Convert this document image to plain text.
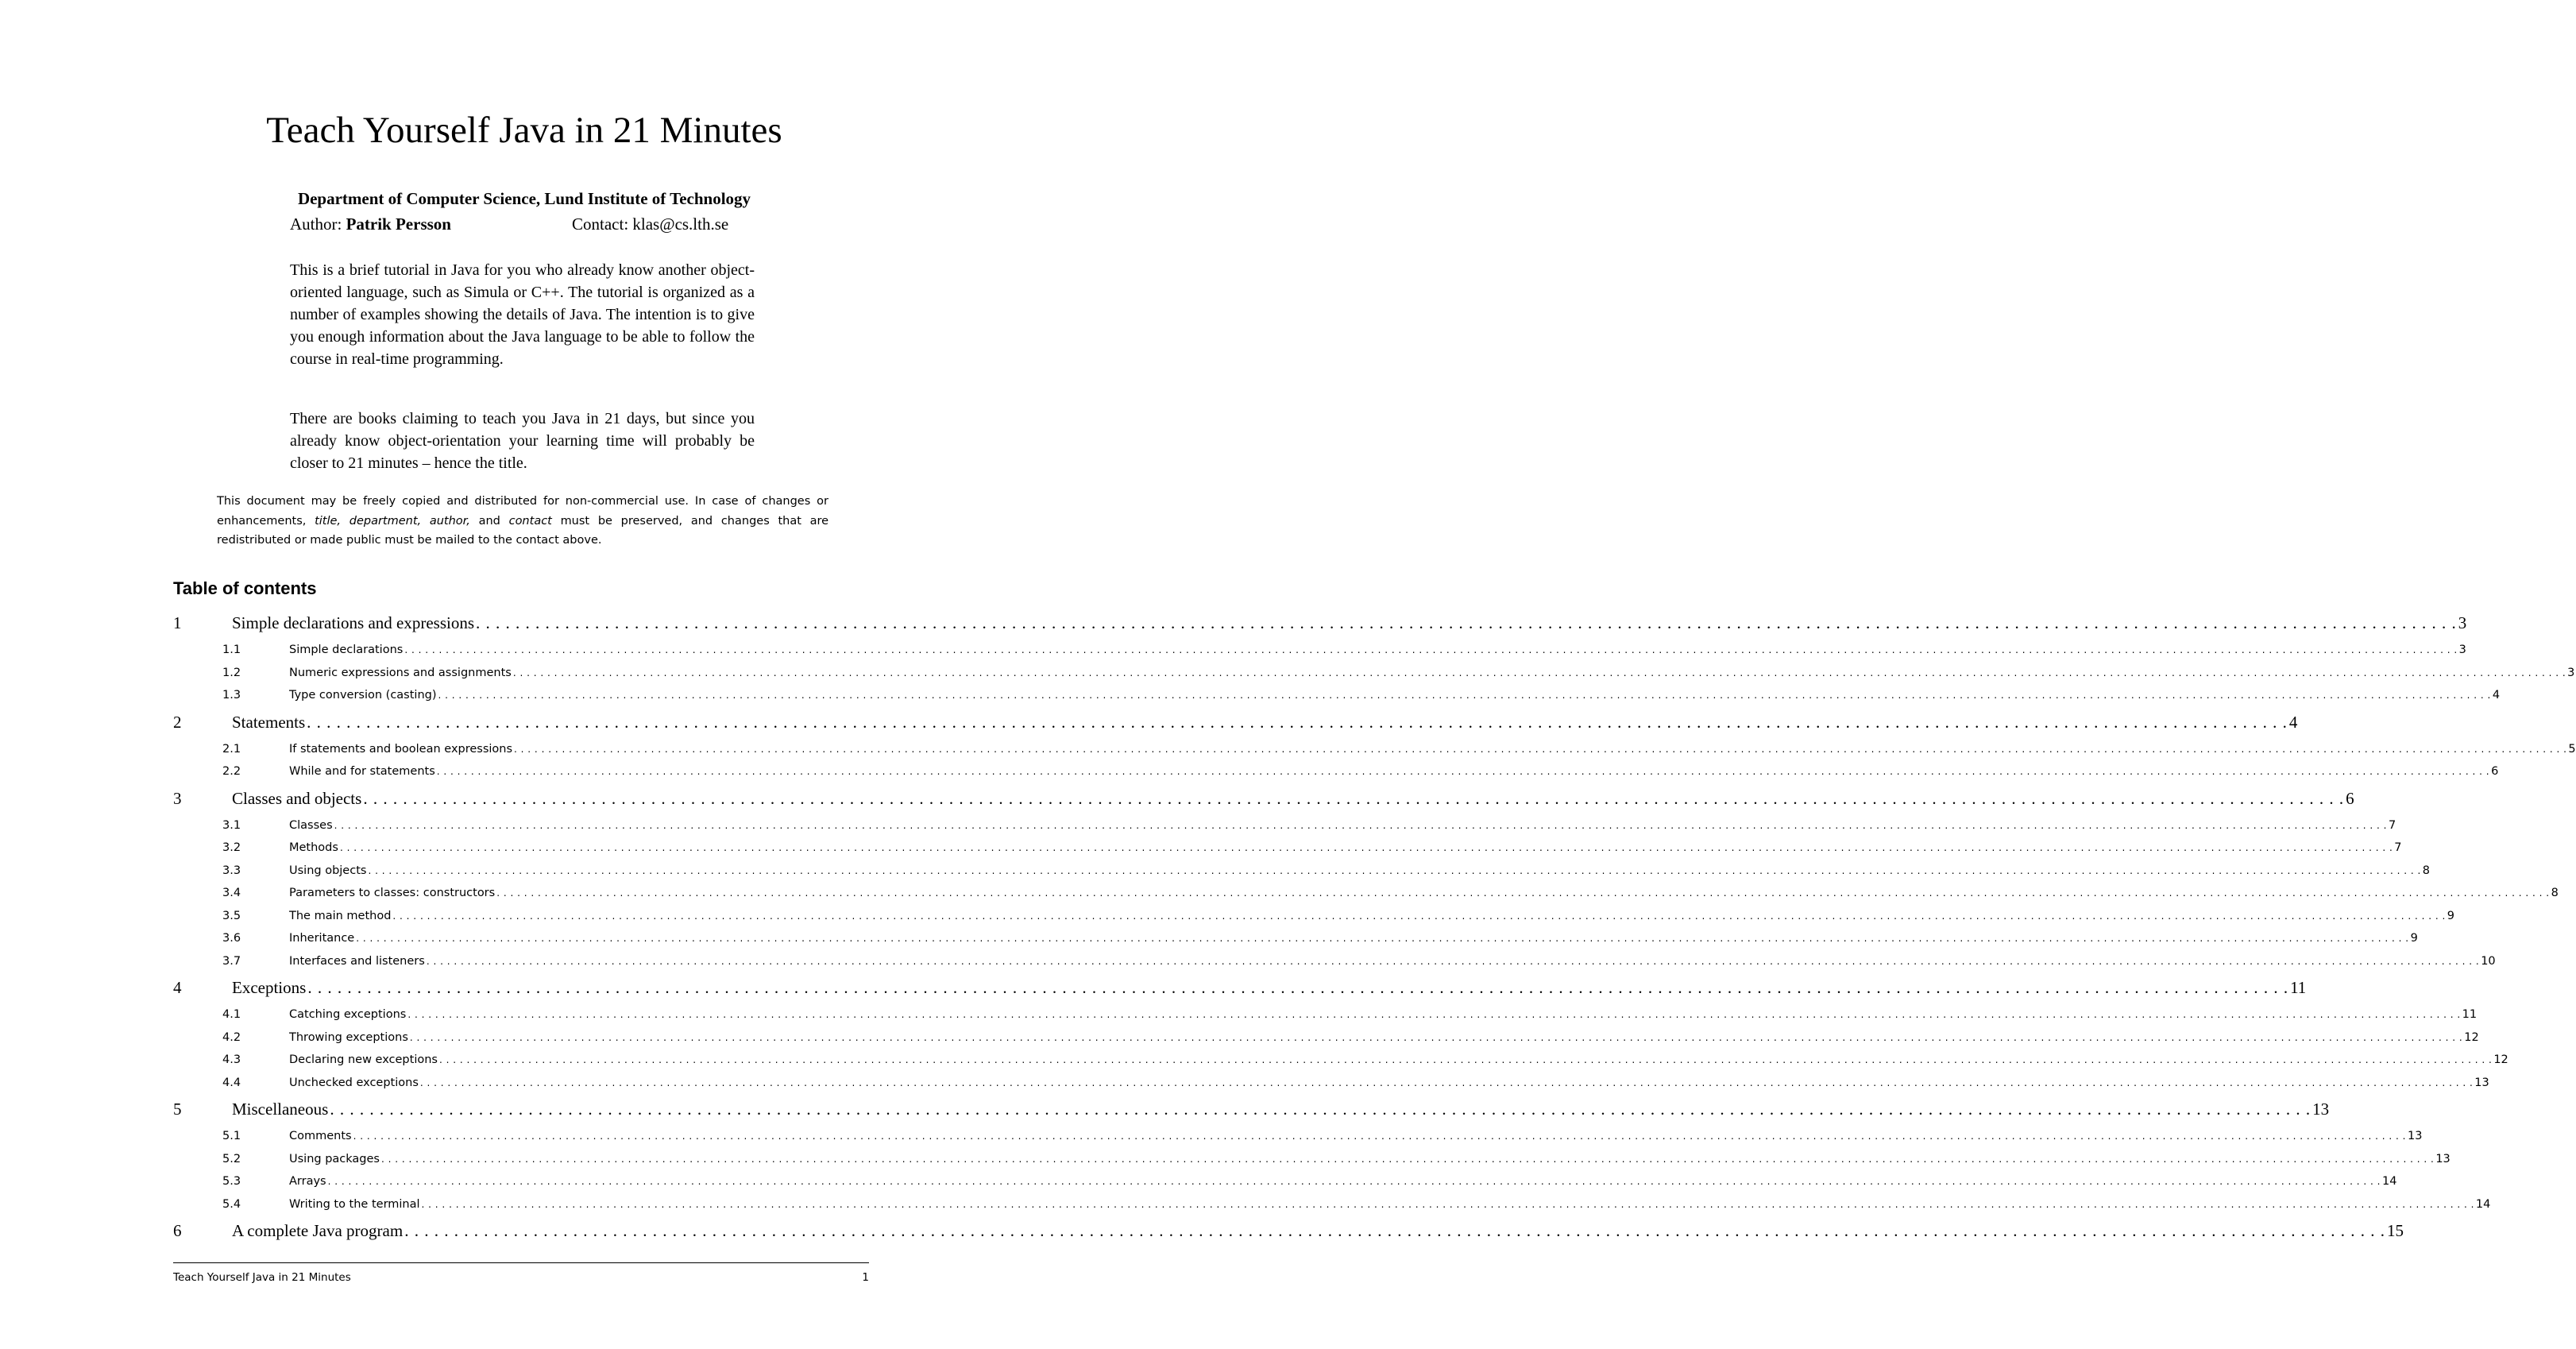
Teach Yourself Java in 21 Minutes
Department of Computer Science, Lund Institute of Technology
Author: Patrik Persson	Contact: klas@cs.lth.se

This is a brief tutorial in Java for you who already know another object-oriented language, such as Simula or C++. The tutorial is organized as a number of examples showing the details of Java. The intention is to give you enough information about the Java language to be able to follow the course in real-time programming.

There are books claiming to teach you Java in 21 days, but since you already know object-orientation your learning time will probably be closer to 21 minutes – hence the title.

This document may be freely copied and distributed for non-commercial use. In case of changes or enhancements, title, department, author, and contact must be preserved, and changes that are redistributed or made public must be mailed to the contact above.

Table of contents
1	Simple declarations and expressions . . . . . . . . . . . . . . . . . . . . . . . . . . . . . . . . . . . . . . . . . . . . . . . . . . . . . . . . . . . . . . . . . . . . . . . . . . . . . . . . . . . . . . . . . . . . . . . . . . . . . . . . . . . . . . . . . . . . . . . . . . . . . . . . . . . . . . . . . . . . . . . . . . . . . . . . . . . . . . . . . . . . . . . . . . . . . . . . . . . . . . . . . . . . . . . . . . . . . . . . 3
1.1	Simple declarations . . . . . . . . . . . . . . . . . . . . . . . . . . . . . . . . . . . . . . . . . . . . . . . . . . . . . . . . . . . . . . . . . . . . . . . . . . . . . . . . . . . . . . . . . . . . . . . . . . . . . . . . . . . . . . . . . . . . . . . . . . . . . . . . . . . . . . . . . . . . . . . . . . . . . . . . . . . . . . . . . . . . . . . . . . . . . . . . . . . . . . . . . . . . . . . . . . . . . . . . . . . . . . . . . . . . . . . . . . . . . . . . . . . . . . . . . . . . . . . . . . . . . . . . . . . . . . . . . . . . . . . . . . . . . . . . . . . . . . . . . . . . . . . . . . . . . . . . . . . . 3
1.2	Numeric expressions and assignments . . . . . . . . . . . . . . . . . . . . . . . . . . . . . . . . . . . . . . . . . . . . . . . . . . . . . . . . . . . . . . . . . . . . . . . . . . . . . . . . . . . . . . . . . . . . . . . . . . . . . . . . . . . . . . . . . . . . . . . . . . . . . . . . . . . . . . . . . . . . . . . . . . . . . . . . . . . . . . . . . . . . . . . . . . . . . . . . . . . . . . . . . . . . . . . . . . . . . . . . . . . . . . . . . . . . . . . . . . . . . . . . . . . . . . . . . . . . . . . . . . . . . . . . . . . . . . . . . . . . . . . . . . . . . . . . . . . . . . . . . . . . . . . . . . . . . . . . . . . . 3
1.3	Type conversion (casting) . . . . . . . . . . . . . . . . . . . . . . . . . . . . . . . . . . . . . . . . . . . . . . . . . . . . . . . . . . . . . . . . . . . . . . . . . . . . . . . . . . . . . . . . . . . . . . . . . . . . . . . . . . . . . . . . . . . . . . . . . . . . . . . . . . . . . . . . . . . . . . . . . . . . . . . . . . . . . . . . . . . . . . . . . . . . . . . . . . . . . . . . . . . . . . . . . . . . . . . . . . . . . . . . . . . . . . . . . . . . . . . . . . . . . . . . . . . . . . . . . . . . . . . . . . . . . . . . . . . . . . . . . . . . . . . . . . . . . . . . . . . . . . . . . . . . . . . . . . . . 4
2	Statements . . . . . . . . . . . . . . . . . . . . . . . . . . . . . . . . . . . . . . . . . . . . . . . . . . . . . . . . . . . . . . . . . . . . . . . . . . . . . . . . . . . . . . . . . . . . . . . . . . . . . . . . . . . . . . . . . . . . . . . . . . . . . . . . . . . . . . . . . . . . . . . . . . . . . . . . . . . . . . . . . . . . . . . . . . . . . . . . . . . . . . . . . . . . . . . . . . . . . . . . 4
2.1	If statements and boolean expressions . . . . . . . . . . . . . . . . . . . . . . . . . . . . . . . . . . . . . . . . . . . . . . . . . . . . . . . . . . . . . . . . . . . . . . . . . . . . . . . . . . . . . . . . . . . . . . . . . . . . . . . . . . . . . . . . . . . . . . . . . . . . . . . . . . . . . . . . . . . . . . . . . . . . . . . . . . . . . . . . . . . . . . . . . . . . . . . . . . . . . . . . . . . . . . . . . . . . . . . . . . . . . . . . . . . . . . . . . . . . . . . . . . . . . . . . . . . . . . . . . . . . . . . . . . . . . . . . . . . . . . . . . . . . . . . . . . . . . . . . . . . . . . . . . . . . . . . . . . . . 5
2.2	While and for statements . . . . . . . . . . . . . . . . . . . . . . . . . . . . . . . . . . . . . . . . . . . . . . . . . . . . . . . . . . . . . . . . . . . . . . . . . . . . . . . . . . . . . . . . . . . . . . . . . . . . . . . . . . . . . . . . . . . . . . . . . . . . . . . . . . . . . . . . . . . . . . . . . . . . . . . . . . . . . . . . . . . . . . . . . . . . . . . . . . . . . . . . . . . . . . . . . . . . . . . . . . . . . . . . . . . . . . . . . . . . . . . . . . . . . . . . . . . . . . . . . . . . . . . . . . . . . . . . . . . . . . . . . . . . . . . . . . . . . . . . . . . . . . . . . . . . . . . . . . . . 6
3	Classes and objects . . . . . . . . . . . . . . . . . . . . . . . . . . . . . . . . . . . . . . . . . . . . . . . . . . . . . . . . . . . . . . . . . . . . . . . . . . . . . . . . . . . . . . . . . . . . . . . . . . . . . . . . . . . . . . . . . . . . . . . . . . . . . . . . . . . . . . . . . . . . . . . . . . . . . . . . . . . . . . . . . . . . . . . . . . . . . . . . . . . . . . . . . . . . . . . . . . . . . . . . 6
3.1	Classes . . . . . . . . . . . . . . . . . . . . . . . . . . . . . . . . . . . . . . . . . . . . . . . . . . . . . . . . . . . . . . . . . . . . . . . . . . . . . . . . . . . . . . . . . . . . . . . . . . . . . . . . . . . . . . . . . . . . . . . . . . . . . . . . . . . . . . . . . . . . . . . . . . . . . . . . . . . . . . . . . . . . . . . . . . . . . . . . . . . . . . . . . . . . . . . . . . . . . . . . . . . . . . . . . . . . . . . . . . . . . . . . . . . . . . . . . . . . . . . . . . . . . . . . . . . . . . . . . . . . . . . . . . . . . . . . . . . . . . . . . . . . . . . . . . . . . . . . . . . . 7
3.2	Methods . . . . . . . . . . . . . . . . . . . . . . . . . . . . . . . . . . . . . . . . . . . . . . . . . . . . . . . . . . . . . . . . . . . . . . . . . . . . . . . . . . . . . . . . . . . . . . . . . . . . . . . . . . . . . . . . . . . . . . . . . . . . . . . . . . . . . . . . . . . . . . . . . . . . . . . . . . . . . . . . . . . . . . . . . . . . . . . . . . . . . . . . . . . . . . . . . . . . . . . . . . . . . . . . . . . . . . . . . . . . . . . . . . . . . . . . . . . . . . . . . . . . . . . . . . . . . . . . . . . . . . . . . . . . . . . . . . . . . . . . . . . . . . . . . . . . . . . . . . . . 7
3.3	Using objects . . . . . . . . . . . . . . . . . . . . . . . . . . . . . . . . . . . . . . . . . . . . . . . . . . . . . . . . . . . . . . . . . . . . . . . . . . . . . . . . . . . . . . . . . . . . . . . . . . . . . . . . . . . . . . . . . . . . . . . . . . . . . . . . . . . . . . . . . . . . . . . . . . . . . . . . . . . . . . . . . . . . . . . . . . . . . . . . . . . . . . . . . . . . . . . . . . . . . . . . . . . . . . . . . . . . . . . . . . . . . . . . . . . . . . . . . . . . . . . . . . . . . . . . . . . . . . . . . . . . . . . . . . . . . . . . . . . . . . . . . . . . . . . . . . . . . . . . . . . . 8
3.4	Parameters to classes: constructors . . . . . . . . . . . . . . . . . . . . . . . . . . . . . . . . . . . . . . . . . . . . . . . . . . . . . . . . . . . . . . . . . . . . . . . . . . . . . . . . . . . . . . . . . . . . . . . . . . . . . . . . . . . . . . . . . . . . . . . . . . . . . . . . . . . . . . . . . . . . . . . . . . . . . . . . . . . . . . . . . . . . . . . . . . . . . . . . . . . . . . . . . . . . . . . . . . . . . . . . . . . . . . . . . . . . . . . . . . . . . . . . . . . . . . . . . . . . . . . . . . . . . . . . . . . . . . . . . . . . . . . . . . . . . . . . . . . . . . . . . . . . . . . . . . . . . . . . . . . . 8
3.5	The main method . . . . . . . . . . . . . . . . . . . . . . . . . . . . . . . . . . . . . . . . . . . . . . . . . . . . . . . . . . . . . . . . . . . . . . . . . . . . . . . . . . . . . . . . . . . . . . . . . . . . . . . . . . . . . . . . . . . . . . . . . . . . . . . . . . . . . . . . . . . . . . . . . . . . . . . . . . . . . . . . . . . . . . . . . . . . . . . . . . . . . . . . . . . . . . . . . . . . . . . . . . . . . . . . . . . . . . . . . . . . . . . . . . . . . . . . . . . . . . . . . . . . . . . . . . . . . . . . . . . . . . . . . . . . . . . . . . . . . . . . . . . . . . . . . . . . . . . . . . . . 9
3.6	Inheritance . . . . . . . . . . . . . . . . . . . . . . . . . . . . . . . . . . . . . . . . . . . . . . . . . . . . . . . . . . . . . . . . . . . . . . . . . . . . . . . . . . . . . . . . . . . . . . . . . . . . . . . . . . . . . . . . . . . . . . . . . . . . . . . . . . . . . . . . . . . . . . . . . . . . . . . . . . . . . . . . . . . . . . . . . . . . . . . . . . . . . . . . . . . . . . . . . . . . . . . . . . . . . . . . . . . . . . . . . . . . . . . . . . . . . . . . . . . . . . . . . . . . . . . . . . . . . . . . . . . . . . . . . . . . . . . . . . . . . . . . . . . . . . . . . . . . . . . . . . . . 9
3.7	Interfaces and listeners . . . . . . . . . . . . . . . . . . . . . . . . . . . . . . . . . . . . . . . . . . . . . . . . . . . . . . . . . . . . . . . . . . . . . . . . . . . . . . . . . . . . . . . . . . . . . . . . . . . . . . . . . . . . . . . . . . . . . . . . . . . . . . . . . . . . . . . . . . . . . . . . . . . . . . . . . . . . . . . . . . . . . . . . . . . . . . . . . . . . . . . . . . . . . . . . . . . . . . . . . . . . . . . . . . . . . . . . . . . . . . . . . . . . . . . . . . . . . . . . . . . . . . . . . . . . . . . . . . . . . . . . . . . . . . . . . . . . . . . . . . . . . . . . . . . . . . . . . . . . 10
4	Exceptions . . . . . . . . . . . . . . . . . . . . . . . . . . . . . . . . . . . . . . . . . . . . . . . . . . . . . . . . . . . . . . . . . . . . . . . . . . . . . . . . . . . . . . . . . . . . . . . . . . . . . . . . . . . . . . . . . . . . . . . . . . . . . . . . . . . . . . . . . . . . . . . . . . . . . . . . . . . . . . . . . . . . . . . . . . . . . . . . . . . . . . . . . . . . . . . . . . . . . . . . 11
4.1	Catching exceptions . . . . . . . . . . . . . . . . . . . . . . . . . . . . . . . . . . . . . . . . . . . . . . . . . . . . . . . . . . . . . . . . . . . . . . . . . . . . . . . . . . . . . . . . . . . . . . . . . . . . . . . . . . . . . . . . . . . . . . . . . . . . . . . . . . . . . . . . . . . . . . . . . . . . . . . . . . . . . . . . . . . . . . . . . . . . . . . . . . . . . . . . . . . . . . . . . . . . . . . . . . . . . . . . . . . . . . . . . . . . . . . . . . . . . . . . . . . . . . . . . . . . . . . . . . . . . . . . . . . . . . . . . . . . . . . . . . . . . . . . . . . . . . . . . . . . . . . . . . . . 11
4.2	Throwing exceptions . . . . . . . . . . . . . . . . . . . . . . . . . . . . . . . . . . . . . . . . . . . . . . . . . . . . . . . . . . . . . . . . . . . . . . . . . . . . . . . . . . . . . . . . . . . . . . . . . . . . . . . . . . . . . . . . . . . . . . . . . . . . . . . . . . . . . . . . . . . . . . . . . . . . . . . . . . . . . . . . . . . . . . . . . . . . . . . . . . . . . . . . . . . . . . . . . . . . . . . . . . . . . . . . . . . . . . . . . . . . . . . . . . . . . . . . . . . . . . . . . . . . . . . . . . . . . . . . . . . . . . . . . . . . . . . . . . . . . . . . . . . . . . . . . . . . . . . . . . . . 12
4.3	Declaring new exceptions . . . . . . . . . . . . . . . . . . . . . . . . . . . . . . . . . . . . . . . . . . . . . . . . . . . . . . . . . . . . . . . . . . . . . . . . . . . . . . . . . . . . . . . . . . . . . . . . . . . . . . . . . . . . . . . . . . . . . . . . . . . . . . . . . . . . . . . . . . . . . . . . . . . . . . . . . . . . . . . . . . . . . . . . . . . . . . . . . . . . . . . . . . . . . . . . . . . . . . . . . . . . . . . . . . . . . . . . . . . . . . . . . . . . . . . . . . . . . . . . . . . . . . . . . . . . . . . . . . . . . . . . . . . . . . . . . . . . . . . . . . . . . . . . . . . . . . . . . . . . 12
4.4	Unchecked exceptions . . . . . . . . . . . . . . . . . . . . . . . . . . . . . . . . . . . . . . . . . . . . . . . . . . . . . . . . . . . . . . . . . . . . . . . . . . . . . . . . . . . . . . . . . . . . . . . . . . . . . . . . . . . . . . . . . . . . . . . . . . . . . . . . . . . . . . . . . . . . . . . . . . . . . . . . . . . . . . . . . . . . . . . . . . . . . . . . . . . . . . . . . . . . . . . . . . . . . . . . . . . . . . . . . . . . . . . . . . . . . . . . . . . . . . . . . . . . . . . . . . . . . . . . . . . . . . . . . . . . . . . . . . . . . . . . . . . . . . . . . . . . . . . . . . . . . . . . . . . . 13
5	Miscellaneous . . . . . . . . . . . . . . . . . . . . . . . . . . . . . . . . . . . . . . . . . . . . . . . . . . . . . . . . . . . . . . . . . . . . . . . . . . . . . . . . . . . . . . . . . . . . . . . . . . . . . . . . . . . . . . . . . . . . . . . . . . . . . . . . . . . . . . . . . . . . . . . . . . . . . . . . . . . . . . . . . . . . . . . . . . . . . . . . . . . . . . . . . . . . . . . . . . . . . . . . 13
5.1	Comments . . . . . . . . . . . . . . . . . . . . . . . . . . . . . . . . . . . . . . . . . . . . . . . . . . . . . . . . . . . . . . . . . . . . . . . . . . . . . . . . . . . . . . . . . . . . . . . . . . . . . . . . . . . . . . . . . . . . . . . . . . . . . . . . . . . . . . . . . . . . . . . . . . . . . . . . . . . . . . . . . . . . . . . . . . . . . . . . . . . . . . . . . . . . . . . . . . . . . . . . . . . . . . . . . . . . . . . . . . . . . . . . . . . . . . . . . . . . . . . . . . . . . . . . . . . . . . . . . . . . . . . . . . . . . . . . . . . . . . . . . . . . . . . . . . . . . . . . . . . . 13
5.2	Using packages . . . . . . . . . . . . . . . . . . . . . . . . . . . . . . . . . . . . . . . . . . . . . . . . . . . . . . . . . . . . . . . . . . . . . . . . . . . . . . . . . . . . . . . . . . . . . . . . . . . . . . . . . . . . . . . . . . . . . . . . . . . . . . . . . . . . . . . . . . . . . . . . . . . . . . . . . . . . . . . . . . . . . . . . . . . . . . . . . . . . . . . . . . . . . . . . . . . . . . . . . . . . . . . . . . . . . . . . . . . . . . . . . . . . . . . . . . . . . . . . . . . . . . . . . . . . . . . . . . . . . . . . . . . . . . . . . . . . . . . . . . . . . . . . . . . . . . . . . . . . 13
5.3	Arrays . . . . . . . . . . . . . . . . . . . . . . . . . . . . . . . . . . . . . . . . . . . . . . . . . . . . . . . . . . . . . . . . . . . . . . . . . . . . . . . . . . . . . . . . . . . . . . . . . . . . . . . . . . . . . . . . . . . . . . . . . . . . . . . . . . . . . . . . . . . . . . . . . . . . . . . . . . . . . . . . . . . . . . . . . . . . . . . . . . . . . . . . . . . . . . . . . . . . . . . . . . . . . . . . . . . . . . . . . . . . . . . . . . . . . . . . . . . . . . . . . . . . . . . . . . . . . . . . . . . . . . . . . . . . . . . . . . . . . . . . . . . . . . . . . . . . . . . . . . . . 14
5.4	Writing to the terminal . . . . . . . . . . . . . . . . . . . . . . . . . . . . . . . . . . . . . . . . . . . . . . . . . . . . . . . . . . . . . . . . . . . . . . . . . . . . . . . . . . . . . . . . . . . . . . . . . . . . . . . . . . . . . . . . . . . . . . . . . . . . . . . . . . . . . . . . . . . . . . . . . . . . . . . . . . . . . . . . . . . . . . . . . . . . . . . . . . . . . . . . . . . . . . . . . . . . . . . . . . . . . . . . . . . . . . . . . . . . . . . . . . . . . . . . . . . . . . . . . . . . . . . . . . . . . . . . . . . . . . . . . . . . . . . . . . . . . . . . . . . . . . . . . . . . . . . . . . . . 14
6	A complete Java program . . . . . . . . . . . . . . . . . . . . . . . . . . . . . . . . . . . . . . . . . . . . . . . . . . . . . . . . . . . . . . . . . . . . . . . . . . . . . . . . . . . . . . . . . . . . . . . . . . . . . . . . . . . . . . . . . . . . . . . . . . . . . . . . . . . . . . . . . . . . . . . . . . . . . . . . . . . . . . . . . . . . . . . . . . . . . . . . . . . . . . . . . . . . . . . . . . . . . . . . 15
Teach Yourself Java in 21 Minutes	1
